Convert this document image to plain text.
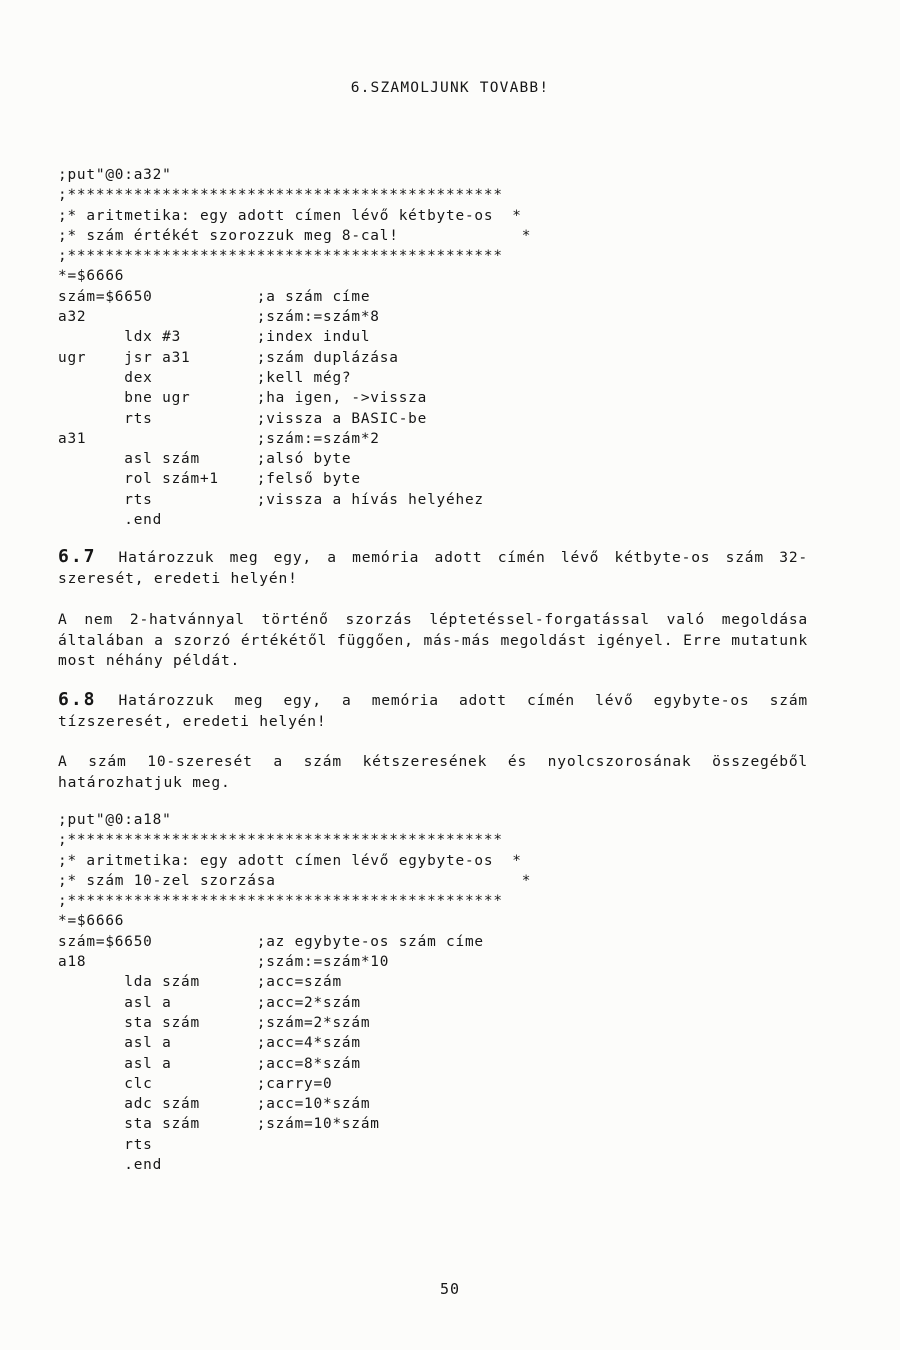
6.SZAMOLJUNK TOVABB!
;put"@0:a32"
;**********************************************
;* aritmetika: egy adott címen lévő kétbyte-os  *
;* szám értékét szorozzuk meg 8-cal!             *
;**********************************************
*=$6666
szám=$6650           ;a szám címe
a32                  ;szám:=szám*8
ldx #3        ;index indul
ugr    jsr a31       ;szám duplázása
dex           ;kell még?
bne ugr       ;ha igen, ->vissza
rts           ;vissza a BASIC-be
a31                  ;szám:=szám*2
asl szám      ;alsó byte
rol szám+1    ;felső byte
rts           ;vissza a hívás helyéhez
.end

6.7 Határozzuk meg egy, a memória adott címén lévő kétbyte-os szám 32-szeresét, eredeti helyén!

A nem 2-hatvánnyal történő szorzás léptetéssel-forgatással való megoldása általában a szorzó értékétől függően, más-más megoldást igényel. Erre mutatunk most néhány példát.

6.8 Határozzuk meg egy, a memória adott címén lévő egybyte-os szám tízszeresét, eredeti helyén!

A szám 10-szeresét a szám kétszeresének és nyolcszorosának összegéből határozhatjuk meg.

;put"@0:a18"
;**********************************************
;* aritmetika: egy adott címen lévő egybyte-os  *
;* szám 10-zel szorzása                          *
;**********************************************
*=$6666
szám=$6650           ;az egybyte-os szám címe
a18                  ;szám:=szám*10
lda szám      ;acc=szám
asl a         ;acc=2*szám
sta szám      ;szám=2*szám
asl a         ;acc=4*szám
asl a         ;acc=8*szám
clc           ;carry=0
adc szám      ;acc=10*szám
sta szám      ;szám=10*szám
rts
.end
50
